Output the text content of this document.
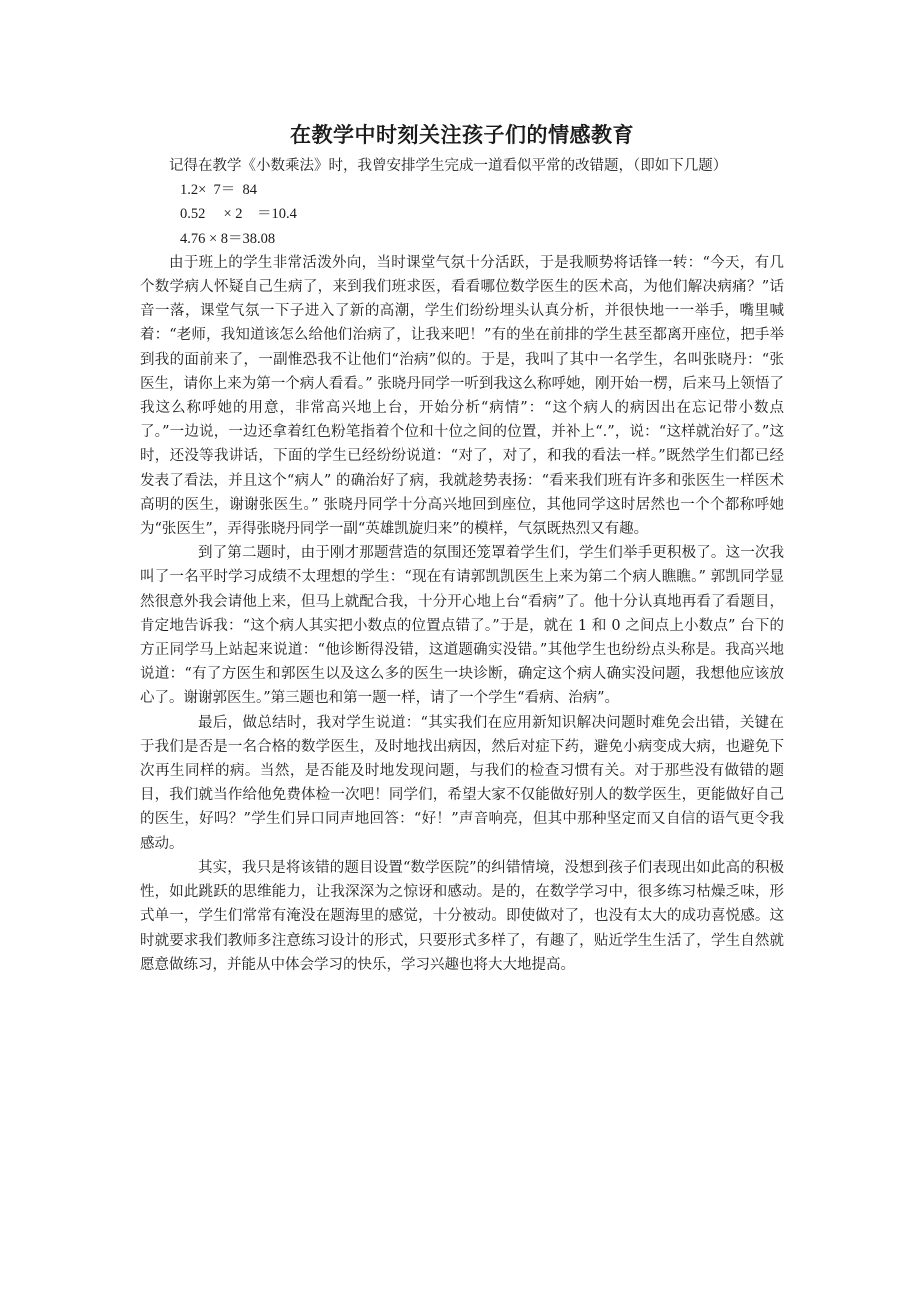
在教学中时刻关注孩子们的情感教育

记得在教学《小数乘法》时，我曾安排学生完成一道看似平常的改错题，（即如下几题）

1.2×  7＝  84

0.52     × 2    ＝10.4

4.76 × 8＝38.08

由于班上的学生非常活泼外向，当时课堂气氛十分活跃，于是我顺势将话锋一转：“今天，有几个数学病人怀疑自己生病了，来到我们班求医，看看哪位数学医生的医术高，为他们解决病痛？”话音一落，课堂气氛一下子进入了新的高潮，学生们纷纷埋头认真分析，并很快地一一举手，嘴里喊着：“老师，我知道该怎么给他们治病了，让我来吧！”有的坐在前排的学生甚至都离开座位，把手举到我的面前来了，一副惟恐我不让他们“治病”似的。于是，我叫了其中一名学生，名叫张晓丹：“张医生，请你上来为第一个病人看看。” 张晓丹同学一听到我这么称呼她，刚开始一楞，后来马上领悟了我这么称呼她的用意，非常高兴地上台，开始分析“病情”：“这个病人的病因出在忘记带小数点了。”一边说，一边还拿着红色粉笔指着个位和十位之间的位置，并补上“.”，说：“这样就治好了。”这时，还没等我讲话，下面的学生已经纷纷说道：“对了，对了，和我的看法一样。”既然学生们都已经发表了看法，并且这个“病人” 的确治好了病，我就趁势表扬：“看来我们班有许多和张医生一样医术高明的医生，谢谢张医生。” 张晓丹同学十分高兴地回到座位，其他同学这时居然也一个个都称呼她为“张医生”，弄得张晓丹同学一副“英雄凯旋归来”的模样，气氛既热烈又有趣。

到了第二题时，由于刚才那题营造的氛围还笼罩着学生们，学生们举手更积极了。这一次我叫了一名平时学习成绩不太理想的学生：“现在有请郭凯凯医生上来为第二个病人瞧瞧。” 郭凯同学显然很意外我会请他上来，但马上就配合我，十分开心地上台“看病”了。他十分认真地再看了看题目，肯定地告诉我：“这个病人其实把小数点的位置点错了。”于是，就在 1 和 0 之间点上小数点” 台下的方正同学马上站起来说道：“他诊断得没错，这道题确实没错。”其他学生也纷纷点头称是。我高兴地说道：“有了方医生和郭医生以及这么多的医生一块诊断，确定这个病人确实没问题，我想他应该放心了。谢谢郭医生。”第三题也和第一题一样，请了一个学生“看病、治病”。

最后，做总结时，我对学生说道：“其实我们在应用新知识解决问题时难免会出错，关键在于我们是否是一名合格的数学医生，及时地找出病因，然后对症下药，避免小病变成大病，也避免下次再生同样的病。当然，是否能及时地发现问题，与我们的检查习惯有关。对于那些没有做错的题目，我们就当作给他免费体检一次吧！同学们，希望大家不仅能做好别人的数学医生，更能做好自己的医生，好吗？”学生们异口同声地回答：“好！”声音响亮，但其中那种坚定而又自信的语气更令我感动。

其实，我只是将该错的题目设置“数学医院”的纠错情境，没想到孩子们表现出如此高的积极性，如此跳跃的思维能力，让我深深为之惊讶和感动。是的，在数学学习中，很多练习枯燥乏味，形式单一，学生们常常有淹没在题海里的感觉，十分被动。即使做对了，也没有太大的成功喜悦感。这时就要求我们教师多注意练习设计的形式，只要形式多样了，有趣了，贴近学生生活了，学生自然就愿意做练习，并能从中体会学习的快乐，学习兴趣也将大大地提高。
